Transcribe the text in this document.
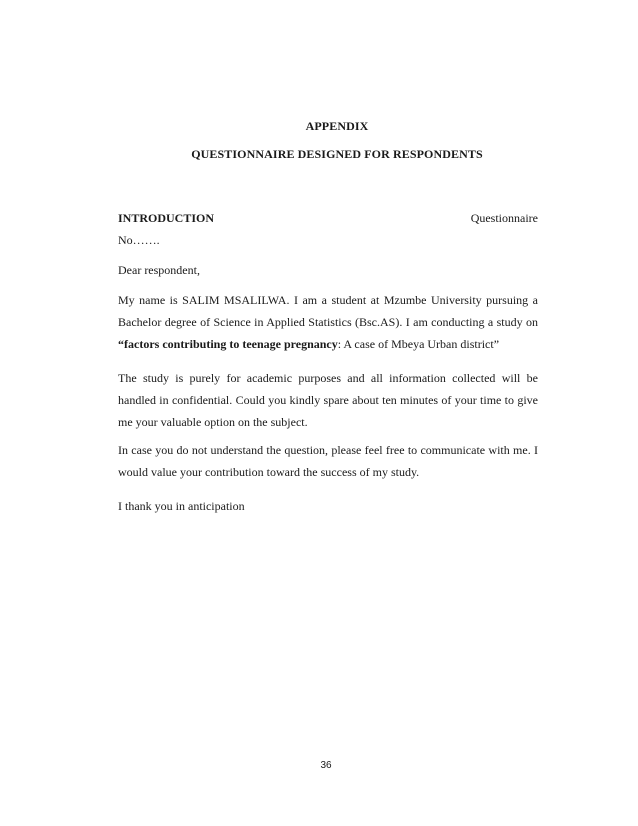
APPENDIX
QUESTIONNAIRE DESIGNED FOR RESPONDENTS
INTRODUCTION	Questionnaire
No…….
Dear respondent,
My name is SALIM MSALILWA. I am a student at Mzumbe University pursuing a Bachelor degree of Science in Applied Statistics (Bsc.AS). I am conducting a study on “factors contributing to teenage pregnancy: A case of Mbeya Urban district”
The study is purely for academic purposes and all information collected will be handled in confidential. Could you kindly spare about ten minutes of your time to give me your valuable option on the subject.
In case you do not understand the question, please feel free to communicate with me. I would value your contribution toward the success of my study.
I thank you in anticipation
36
